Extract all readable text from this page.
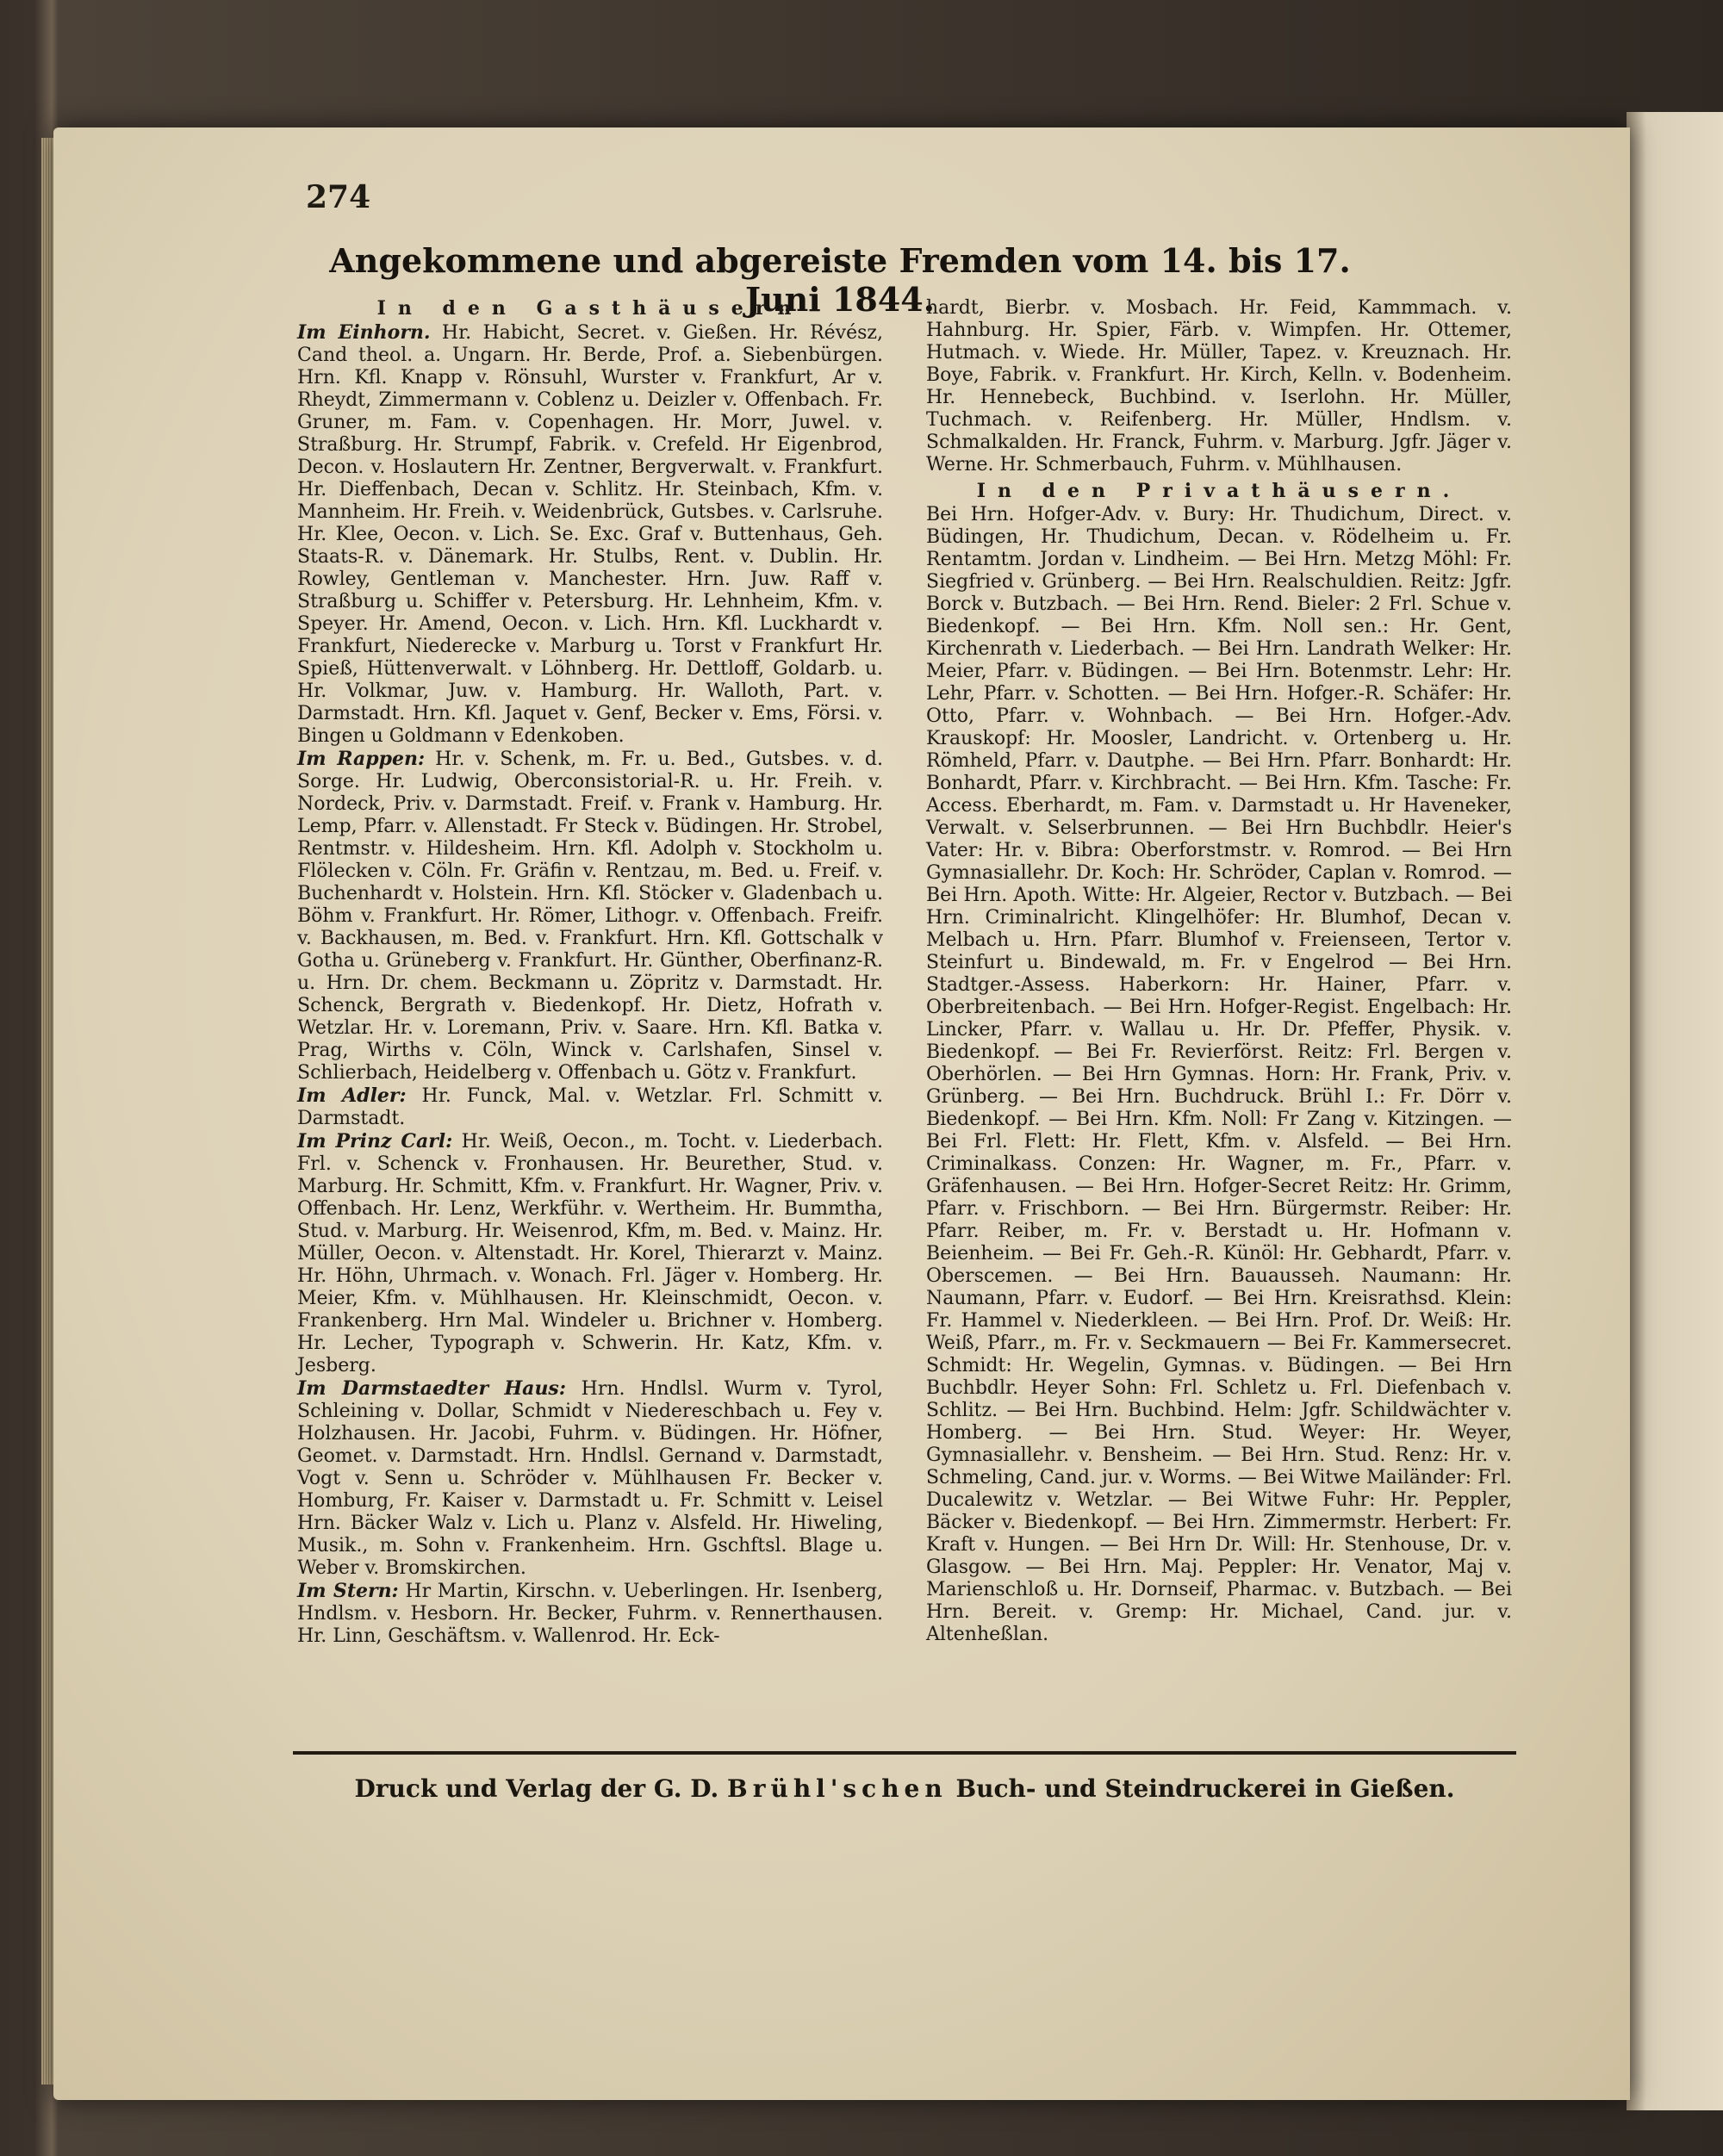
274
Angekommene und abgereiste Fremden vom 14. bis 17. Juni 1844.
In den Gasthäusern

Im Einhorn. Hr. Habicht, Secret. v. Gießen. Hr. Révész, Cand theol. a. Ungarn. Hr. Berde, Prof. a. Siebenbürgen. Hrn. Kfl. Knapp v. Rönsuhl, Wurster v. Frankfurt, Ar v. Rheydt, Zimmermann v. Coblenz u. Deizler v. Offenbach. Fr. Gruner, m. Fam. v. Copenhagen. Hr. Morr, Juwel. v. Straßburg. Hr. Strumpf, Fabrik. v. Crefeld. Hr Eigenbrod, Decon. v. Hoslautern Hr. Zentner, Bergverwalt. v. Frankfurt. Hr. Dieffenbach, Decan v. Schlitz. Hr. Steinbach, Kfm. v. Mannheim. Hr. Freih. v. Weidenbrück, Gutsbes. v. Carlsruhe. Hr. Klee, Oecon. v. Lich. Se. Exc. Graf v. Buttenhaus, Geh. Staats-R. v. Dänemark. Hr. Stulbs, Rent. v. Dublin. Hr. Rowley, Gentleman v. Manchester. Hrn. Juw. Raff v. Straßburg u. Schiffer v. Petersburg. Hr. Lehnheim, Kfm. v. Speyer. Hr. Amend, Oecon. v. Lich. Hrn. Kfl. Luckhardt v. Frankfurt, Niederecke v. Marburg u. Torst v Frankfurt Hr. Spieß, Hüttenverwalt. v Löhnberg. Hr. Dettloff, Goldarb. u. Hr. Volkmar, Juw. v. Hamburg. Hr. Walloth, Part. v. Darmstadt. Hrn. Kfl. Jaquet v. Genf, Becker v. Ems, Försi. v. Bingen u Goldmann v Edenkoben.

Im Rappen: Hr. v. Schenk, m. Fr. u. Bed., Gutsbes. v. d. Sorge. Hr. Ludwig, Oberconsistorial-R. u. Hr. Freih. v. Nordeck, Priv. v. Darmstadt. Freif. v. Frank v. Hamburg. Hr. Lemp, Pfarr. v. Allenstadt. Fr Steck v. Büdingen. Hr. Strobel, Rentmstr. v. Hildesheim. Hrn. Kfl. Adolph v. Stockholm u. Flölecken v. Cöln. Fr. Gräfin v. Rentzau, m. Bed. u. Freif. v. Buchenhardt v. Holstein. Hrn. Kfl. Stöcker v. Gladenbach u. Böhm v. Frankfurt. Hr. Römer, Lithogr. v. Offenbach. Freifr. v. Backhausen, m. Bed. v. Frankfurt. Hrn. Kfl. Gottschalk v Gotha u. Grüneberg v. Frankfurt. Hr. Günther, Oberfinanz-R. u. Hrn. Dr. chem. Beckmann u. Zöpritz v. Darmstadt. Hr. Schenck, Bergrath v. Biedenkopf. Hr. Dietz, Hofrath v. Wetzlar. Hr. v. Loremann, Priv. v. Saare. Hrn. Kfl. Batka v. Prag, Wirths v. Cöln, Winck v. Carlshafen, Sinsel v. Schlierbach, Heidelberg v. Offenbach u. Götz v. Frankfurt.

Im Adler: Hr. Funck, Mal. v. Wetzlar. Frl. Schmitt v. Darmstadt.

Im Prinz Carl: Hr. Weiß, Oecon., m. Tocht. v. Liederbach. Frl. v. Schenck v. Fronhausen. Hr. Beurether, Stud. v. Marburg. Hr. Schmitt, Kfm. v. Frankfurt. Hr. Wagner, Priv. v. Offenbach. Hr. Lenz, Werkführ. v. Wertheim. Hr. Bummtha, Stud. v. Marburg. Hr. Weisenrod, Kfm, m. Bed. v. Mainz. Hr. Müller, Oecon. v. Altenstadt. Hr. Korel, Thierarzt v. Mainz. Hr. Höhn, Uhrmach. v. Wonach. Frl. Jäger v. Homberg. Hr. Meier, Kfm. v. Mühlhausen. Hr. Kleinschmidt, Oecon. v. Frankenberg. Hrn Mal. Windeler u. Brichner v. Homberg. Hr. Lecher, Typograph v. Schwerin. Hr. Katz, Kfm. v. Jesberg.

Im Darmstaedter Haus: Hrn. Hndlsl. Wurm v. Tyrol, Schleining v. Dollar, Schmidt v Niedereschbach u. Fey v. Holzhausen. Hr. Jacobi, Fuhrm. v. Büdingen. Hr. Höfner, Geomet. v. Darmstadt. Hrn. Hndlsl. Gernand v. Darmstadt, Vogt v. Senn u. Schröder v. Mühlhausen Fr. Becker v. Homburg, Fr. Kaiser v. Darmstadt u. Fr. Schmitt v. Leisel Hrn. Bäcker Walz v. Lich u. Planz v. Alsfeld. Hr. Hiweling, Musik., m. Sohn v. Frankenheim. Hrn. Gschftsl. Blage u. Weber v. Bromskirchen.

Im Stern: Hr Martin, Kirschn. v. Ueberlingen. Hr. Isenberg, Hndlsm. v. Hesborn. Hr. Becker, Fuhrm. v. Rennerthausen. Hr. Linn, Geschäftsm. v. Wallenrod. Hr. Eck-

hardt, Bierbr. v. Mosbach. Hr. Feid, Kammmach. v. Hahnburg. Hr. Spier, Färb. v. Wimpfen. Hr. Ottemer, Hutmach. v. Wiede. Hr. Müller, Tapez. v. Kreuznach. Hr. Boye, Fabrik. v. Frankfurt. Hr. Kirch, Kelln. v. Bodenheim. Hr. Hennebeck, Buchbind. v. Iserlohn. Hr. Müller, Tuchmach. v. Reifenberg. Hr. Müller, Hndlsm. v. Schmalkalden. Hr. Franck, Fuhrm. v. Marburg. Jgfr. Jäger v. Werne. Hr. Schmerbauch, Fuhrm. v. Mühlhausen.

In den Privathäusern.

Bei Hrn. Hofger-Adv. v. Bury: Hr. Thudichum, Direct. v. Büdingen, Hr. Thudichum, Decan. v. Rödelheim u. Fr. Rentamtm. Jordan v. Lindheim. — Bei Hrn. Metzg Möhl: Fr. Siegfried v. Grünberg. — Bei Hrn. Realschuldien. Reitz: Jgfr. Borck v. Butzbach. — Bei Hrn. Rend. Bieler: 2 Frl. Schue v. Biedenkopf. — Bei Hrn. Kfm. Noll sen.: Hr. Gent, Kirchenrath v. Liederbach. — Bei Hrn. Landrath Welker: Hr. Meier, Pfarr. v. Büdingen. — Bei Hrn. Botenmstr. Lehr: Hr. Lehr, Pfarr. v. Schotten. — Bei Hrn. Hofger.-R. Schäfer: Hr. Otto, Pfarr. v. Wohnbach. — Bei Hrn. Hofger.-Adv. Krauskopf: Hr. Moosler, Landricht. v. Ortenberg u. Hr. Römheld, Pfarr. v. Dautphe. — Bei Hrn. Pfarr. Bonhardt: Hr. Bonhardt, Pfarr. v. Kirchbracht. — Bei Hrn. Kfm. Tasche: Fr. Access. Eberhardt, m. Fam. v. Darmstadt u. Hr Haveneker, Verwalt. v. Selserbrunnen. — Bei Hrn Buchbdlr. Heier's Vater: Hr. v. Bibra: Oberforstmstr. v. Romrod. — Bei Hrn Gymnasiallehr. Dr. Koch: Hr. Schröder, Caplan v. Romrod. — Bei Hrn. Apoth. Witte: Hr. Algeier, Rector v. Butzbach. — Bei Hrn. Criminalricht. Klingelhöfer: Hr. Blumhof, Decan v. Melbach u. Hrn. Pfarr. Blumhof v. Freienseen, Tertor v. Steinfurt u. Bindewald, m. Fr. v Engelrod — Bei Hrn. Stadtger.-Assess. Haberkorn: Hr. Hainer, Pfarr. v. Oberbreitenbach. — Bei Hrn. Hofger-Regist. Engelbach: Hr. Lincker, Pfarr. v. Wallau u. Hr. Dr. Pfeffer, Physik. v. Biedenkopf. — Bei Fr. Revierförst. Reitz: Frl. Bergen v. Oberhörlen. — Bei Hrn Gymnas. Horn: Hr. Frank, Priv. v. Grünberg. — Bei Hrn. Buchdruck. Brühl I.: Fr. Dörr v. Biedenkopf. — Bei Hrn. Kfm. Noll: Fr Zang v. Kitzingen. — Bei Frl. Flett: Hr. Flett, Kfm. v. Alsfeld. — Bei Hrn. Criminalkass. Conzen: Hr. Wagner, m. Fr., Pfarr. v. Gräfenhausen. — Bei Hrn. Hofger-Secret Reitz: Hr. Grimm, Pfarr. v. Frischborn. — Bei Hrn. Bürgermstr. Reiber: Hr. Pfarr. Reiber, m. Fr. v. Berstadt u. Hr. Hofmann v. Beienheim. — Bei Fr. Geh.-R. Künöl: Hr. Gebhardt, Pfarr. v. Oberscemen. — Bei Hrn. Bauausseh. Naumann: Hr. Naumann, Pfarr. v. Eudorf. — Bei Hrn. Kreisrathsd. Klein: Fr. Hammel v. Niederkleen. — Bei Hrn. Prof. Dr. Weiß: Hr. Weiß, Pfarr., m. Fr. v. Seckmauern — Bei Fr. Kammersecret. Schmidt: Hr. Wegelin, Gymnas. v. Büdingen. — Bei Hrn Buchbdlr. Heyer Sohn: Frl. Schletz u. Frl. Diefenbach v. Schlitz. — Bei Hrn. Buchbind. Helm: Jgfr. Schildwächter v. Homberg. — Bei Hrn. Stud. Weyer: Hr. Weyer, Gymnasiallehr. v. Bensheim. — Bei Hrn. Stud. Renz: Hr. v. Schmeling, Cand. jur. v. Worms. — Bei Witwe Mailänder: Frl. Ducalewitz v. Wetzlar. — Bei Witwe Fuhr: Hr. Peppler, Bäcker v. Biedenkopf. — Bei Hrn. Zimmermstr. Herbert: Fr. Kraft v. Hungen. — Bei Hrn Dr. Will: Hr. Stenhouse, Dr. v. Glasgow. — Bei Hrn. Maj. Peppler: Hr. Venator, Maj v. Marienschloß u. Hr. Dornseif, Pharmac. v. Butzbach. — Bei Hrn. Bereit. v. Gremp: Hr. Michael, Cand. jur. v. Altenheßlan.

Druck und Verlag der G. D. Brühl'schen Buch- und Steindruckerei in Gießen.
